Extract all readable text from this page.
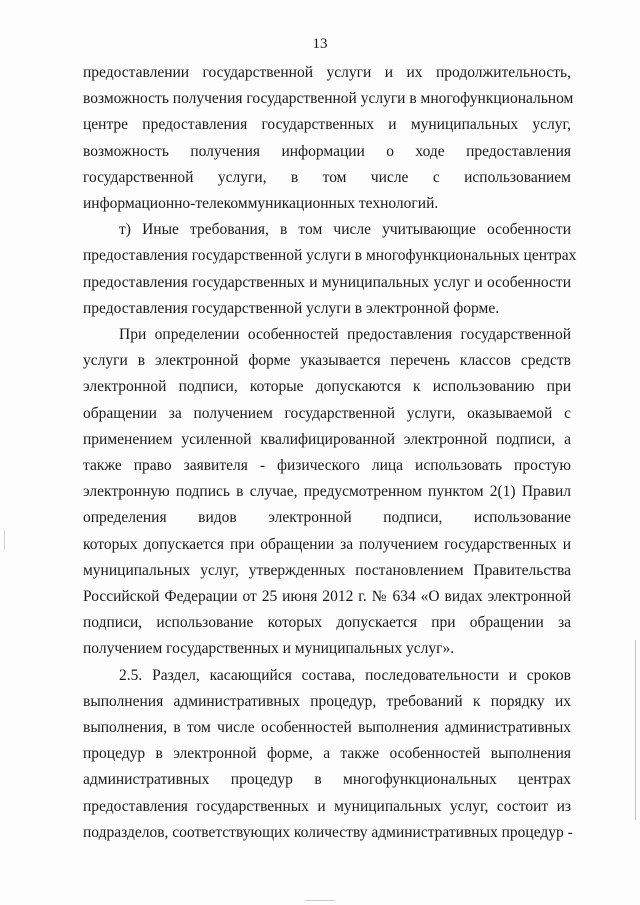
13

предоставлении государственной услуги и их продолжительность,
возможность получения государственной услуги в многофункциональном
центре предоставления государственных и муниципальных услуг,
возможность получения информации о ходе предоставления
государственной услуги, в том числе с использованием
информационно-телекоммуникационных технологий.

т) Иные требования, в том числе учитывающие особенности
предоставления государственной услуги в многофункциональных центрах
предоставления государственных и муниципальных услуг и особенности
предоставления государственной услуги в электронной форме.

При определении особенностей предоставления государственной
услуги в электронной форме указывается перечень классов средств
электронной подписи, которые допускаются к использованию при
обращении за получением государственной услуги, оказываемой с
применением усиленной квалифицированной электронной подписи, а
также право заявителя - физического лица использовать простую
электронную подпись в случае, предусмотренном пунктом 2(1) Правил
определения видов электронной подписи, использование
которых допускается при обращении за получением государственных и
муниципальных услуг, утвержденных постановлением Правительства
Российской Федерации от 25 июня 2012 г. № 634 «О видах электронной
подписи, использование которых допускается при обращении за
получением государственных и муниципальных услуг».

2.5. Раздел, касающийся состава, последовательности и сроков
выполнения административных процедур, требований к порядку их
выполнения, в том числе особенностей выполнения административных
процедур в электронной форме, а также особенностей выполнения
административных процедур в многофункциональных центрах
предоставления государственных и муниципальных услуг, состоит из
подразделов, соответствующих количеству административных процедур -
